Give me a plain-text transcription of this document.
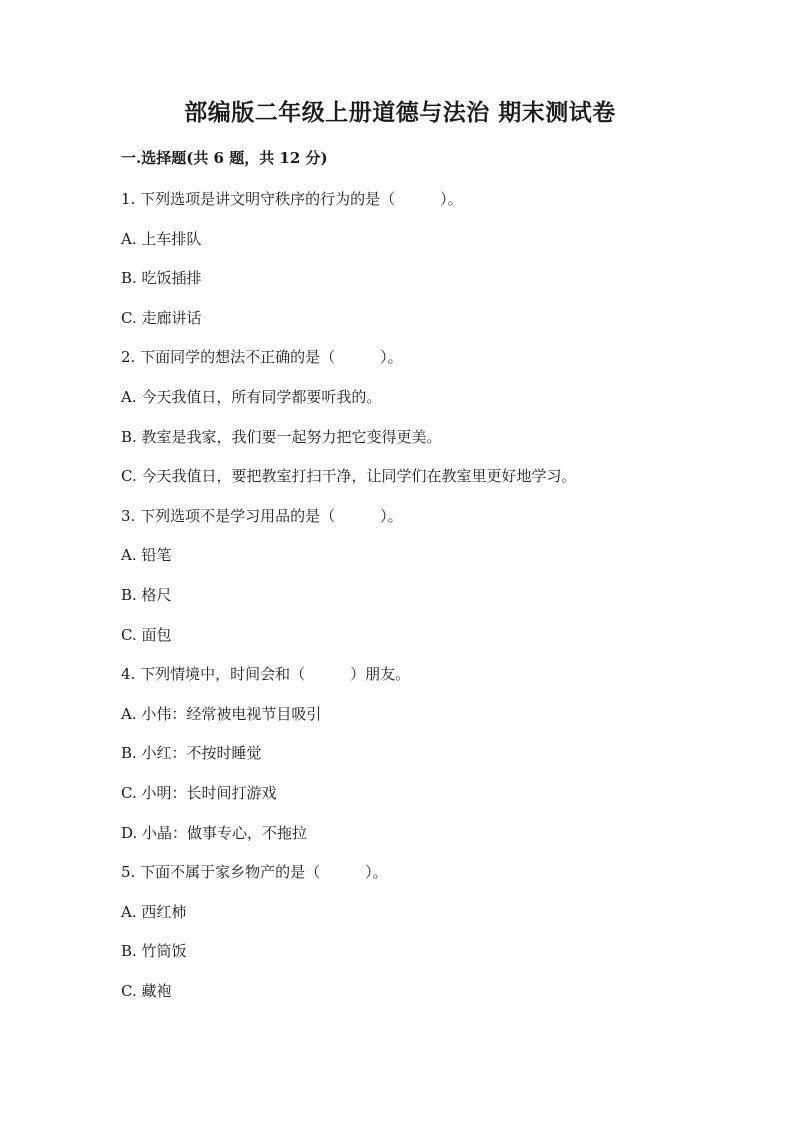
部编版二年级上册道德与法治 期末测试卷
一.选择题(共 6 题，共 12 分)
1. 下列选项是讲文明守秩序的行为的是（　　　）。
A. 上车排队
B. 吃饭插排
C. 走廊讲话
2. 下面同学的想法不正确的是（　　　）。
A. 今天我值日，所有同学都要听我的。
B. 教室是我家，我们要一起努力把它变得更美。
C. 今天我值日，要把教室打扫干净，让同学们在教室里更好地学习。
3. 下列选项不是学习用品的是（　　　）。
A. 铅笔
B. 格尺
C. 面包
4. 下列情境中，时间会和（　　　）朋友。
A. 小伟：经常被电视节目吸引
B. 小红：不按时睡觉
C. 小明：长时间打游戏
D. 小晶：做事专心，不拖拉
5. 下面不属于家乡物产的是（　　　）。
A. 西红柿
B. 竹筒饭
C. 藏袍
